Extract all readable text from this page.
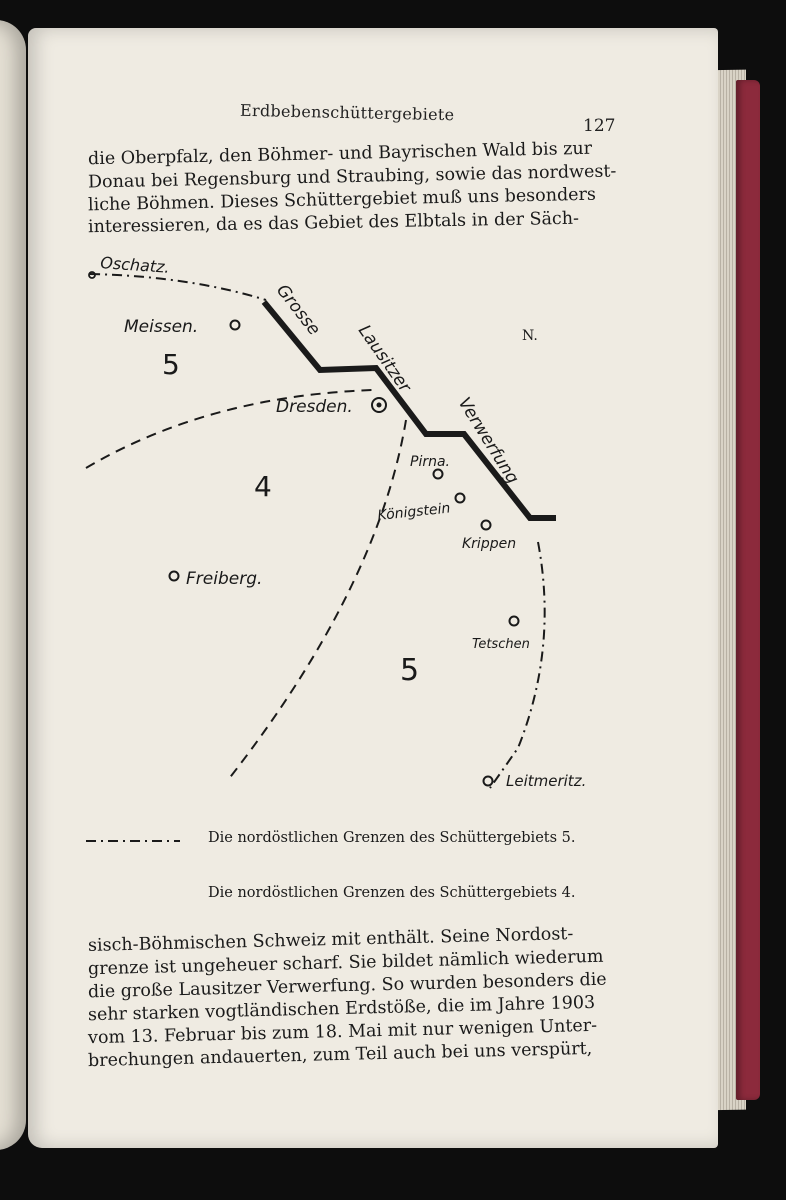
Erdbebenschüttergebiete
127
die Oberpfalz, den Böhmer- und Bayrischen Wald bis zur
Donau bei Regensburg und Straubing, sowie das nordwest-
liche Böhmen. Dieses Schüttergebiet muß uns besonders
interessieren, da es das Gebiet des Elbtals in der Säch-
Oschatz.
Meissen.
Dresden.
Pirna.
Königstein
Krippen
Freiberg.
Tetschen
Leitmeritz.
Grosse
Lausitzer
Verwerfung
5
4
5
N.
Die nordöstlichen Grenzen des Schüttergebiets 5.
Die nordöstlichen Grenzen des Schüttergebiets 4.
sisch-Böhmischen Schweiz mit enthält. Seine Nordost-
grenze ist ungeheuer scharf. Sie bildet nämlich wiederum
die große Lausitzer Verwerfung. So wurden besonders die
sehr starken vogtländischen Erdstöße, die im Jahre 1903
vom 13. Februar bis zum 18. Mai mit nur wenigen Unter-
brechungen andauerten, zum Teil auch bei uns verspürt,
